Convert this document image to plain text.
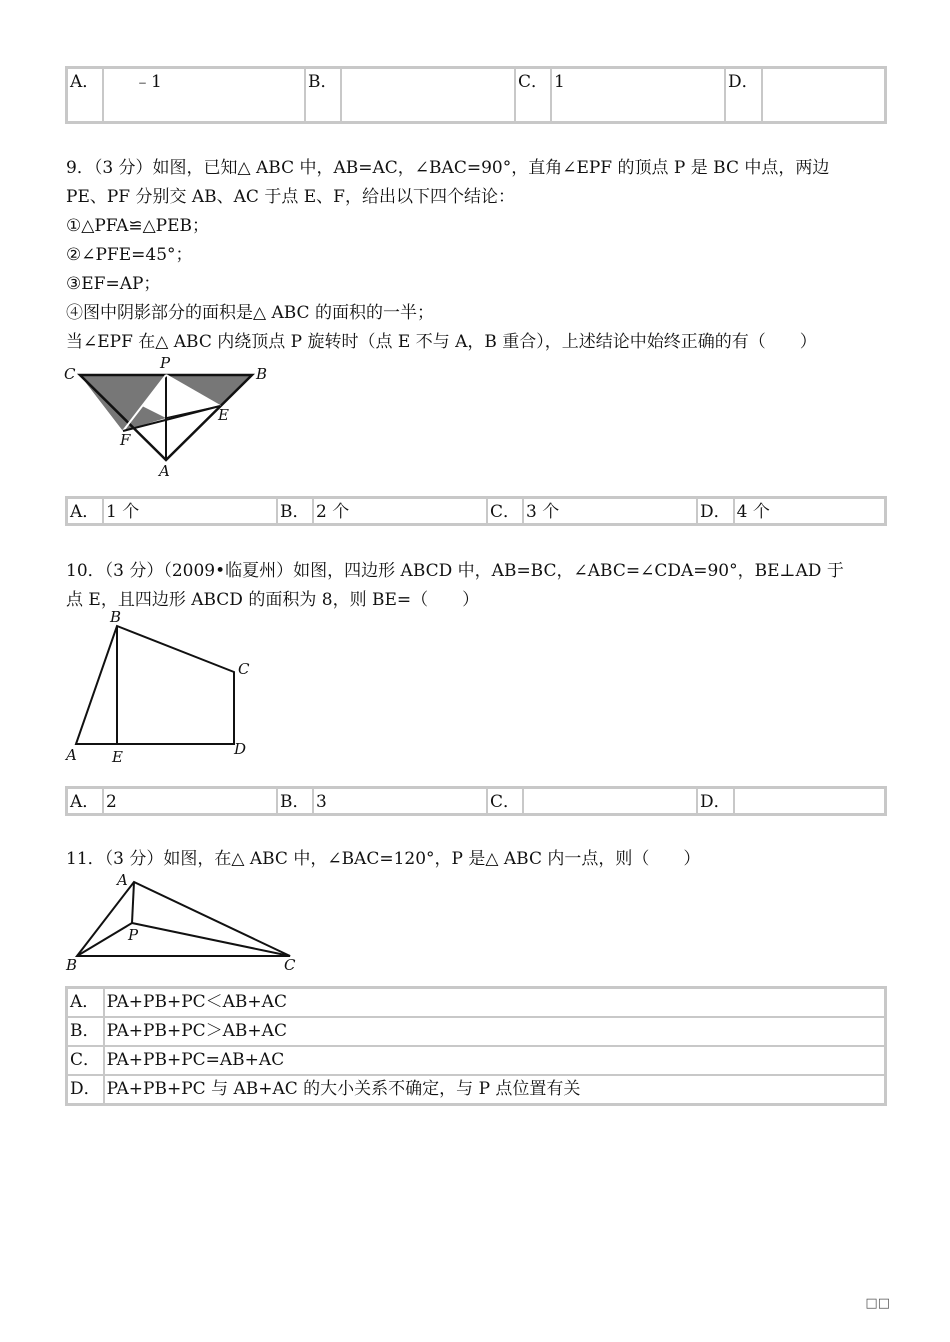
A．	﹣1	B．		C．	1	D．	
9．（3 分）如图，已知△ ABC 中，AB=AC，∠BAC=90°，直角∠EPF 的顶点 P 是 BC 中点，两边
PE、PF 分别交 AB、AC 于点 E、F，给出以下四个结论：
①△PFA≌△PEB；
②∠PFE=45°；
③EF=AP；
④图中阴影部分的面积是△ ABC 的面积的一半；
当∠EPF 在△ ABC 内绕顶点 P 旋转时（点 E 不与 A，B 重合），上述结论中始终正确的有（　　）
C
P
B
E
F
A
A．	1 个	B．	2 个	C．	3 个	D．	4 个
10．（3 分）（2009•临夏州）如图，四边形 ABCD 中，AB=BC，∠ABC=∠CDA=90°，BE⊥AD 于
点 E，且四边形 ABCD 的面积为 8，则 BE=（　　）
B
C
A E	D
A．	2	B．	3	C．		D．	
11．（3 分）如图，在△ ABC 中，∠BAC=120°，P 是△ ABC 内一点，则（　　）
A
P
B	C
A．	PA+PB+PC＜AB+AC
B．	PA+PB+PC＞AB+AC
C．	PA+PB+PC=AB+AC
D．	PA+PB+PC 与 AB+AC 的大小关系不确定，与 P 点位置有关
□□
